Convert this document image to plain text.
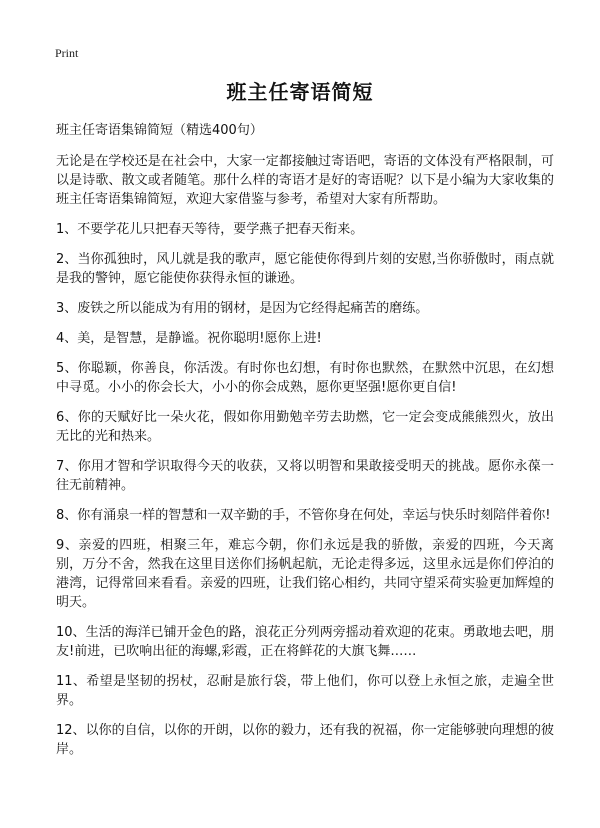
Print
班主任寄语简短

班主任寄语集锦简短（精选400句）

无论是在学校还是在社会中，大家一定都接触过寄语吧，寄语的文体没有严格限制，可以是诗歌、散文或者随笔。那什么样的寄语才是好的寄语呢？以下是小编为大家收集的班主任寄语集锦简短，欢迎大家借鉴与参考，希望对大家有所帮助。

1、不要学花儿只把春天等待，要学燕子把春天衔来。

2、当你孤独时，风儿就是我的歌声，愿它能使你得到片刻的安慰,当你骄傲时，雨点就是我的警钟，愿它能使你获得永恒的谦逊。

3、废铁之所以能成为有用的钢材，是因为它经得起痛苦的磨练。

4、美，是智慧，是静谧。祝你聪明!愿你上进!

5、你聪颖，你善良，你活泼。有时你也幻想，有时你也默然，在默然中沉思，在幻想中寻觅。小小的你会长大，小小的你会成熟，愿你更坚强!愿你更自信!

6、你的天赋好比一朵火花，假如你用勤勉辛劳去助燃，它一定会变成熊熊烈火，放出无比的光和热来。

7、你用才智和学识取得今天的收获，又将以明智和果敢接受明天的挑战。愿你永葆一往无前精神。

8、你有涌泉一样的智慧和一双辛勤的手，不管你身在何处，幸运与快乐时刻陪伴着你!

9、亲爱的四班，相聚三年，难忘今朝，你们永远是我的骄傲，亲爱的四班，今天离别，万分不舍，然我在这里目送你们扬帆起航，无论走得多远，这里永远是你们停泊的港湾，记得常回来看看。亲爱的四班，让我们铭心相约，共同守望采荷实验更加辉煌的明天。

10、生活的海洋已铺开金色的路，浪花正分列两旁摇动着欢迎的花束。勇敢地去吧，朋友!前进，已吹响出征的海螺,彩霞，正在将鲜花的大旗飞舞……

11、希望是坚韧的拐杖，忍耐是旅行袋，带上他们，你可以登上永恒之旅，走遍全世界。

12、以你的自信，以你的开朗，以你的毅力，还有我的祝福，你一定能够驶向理想的彼岸。
